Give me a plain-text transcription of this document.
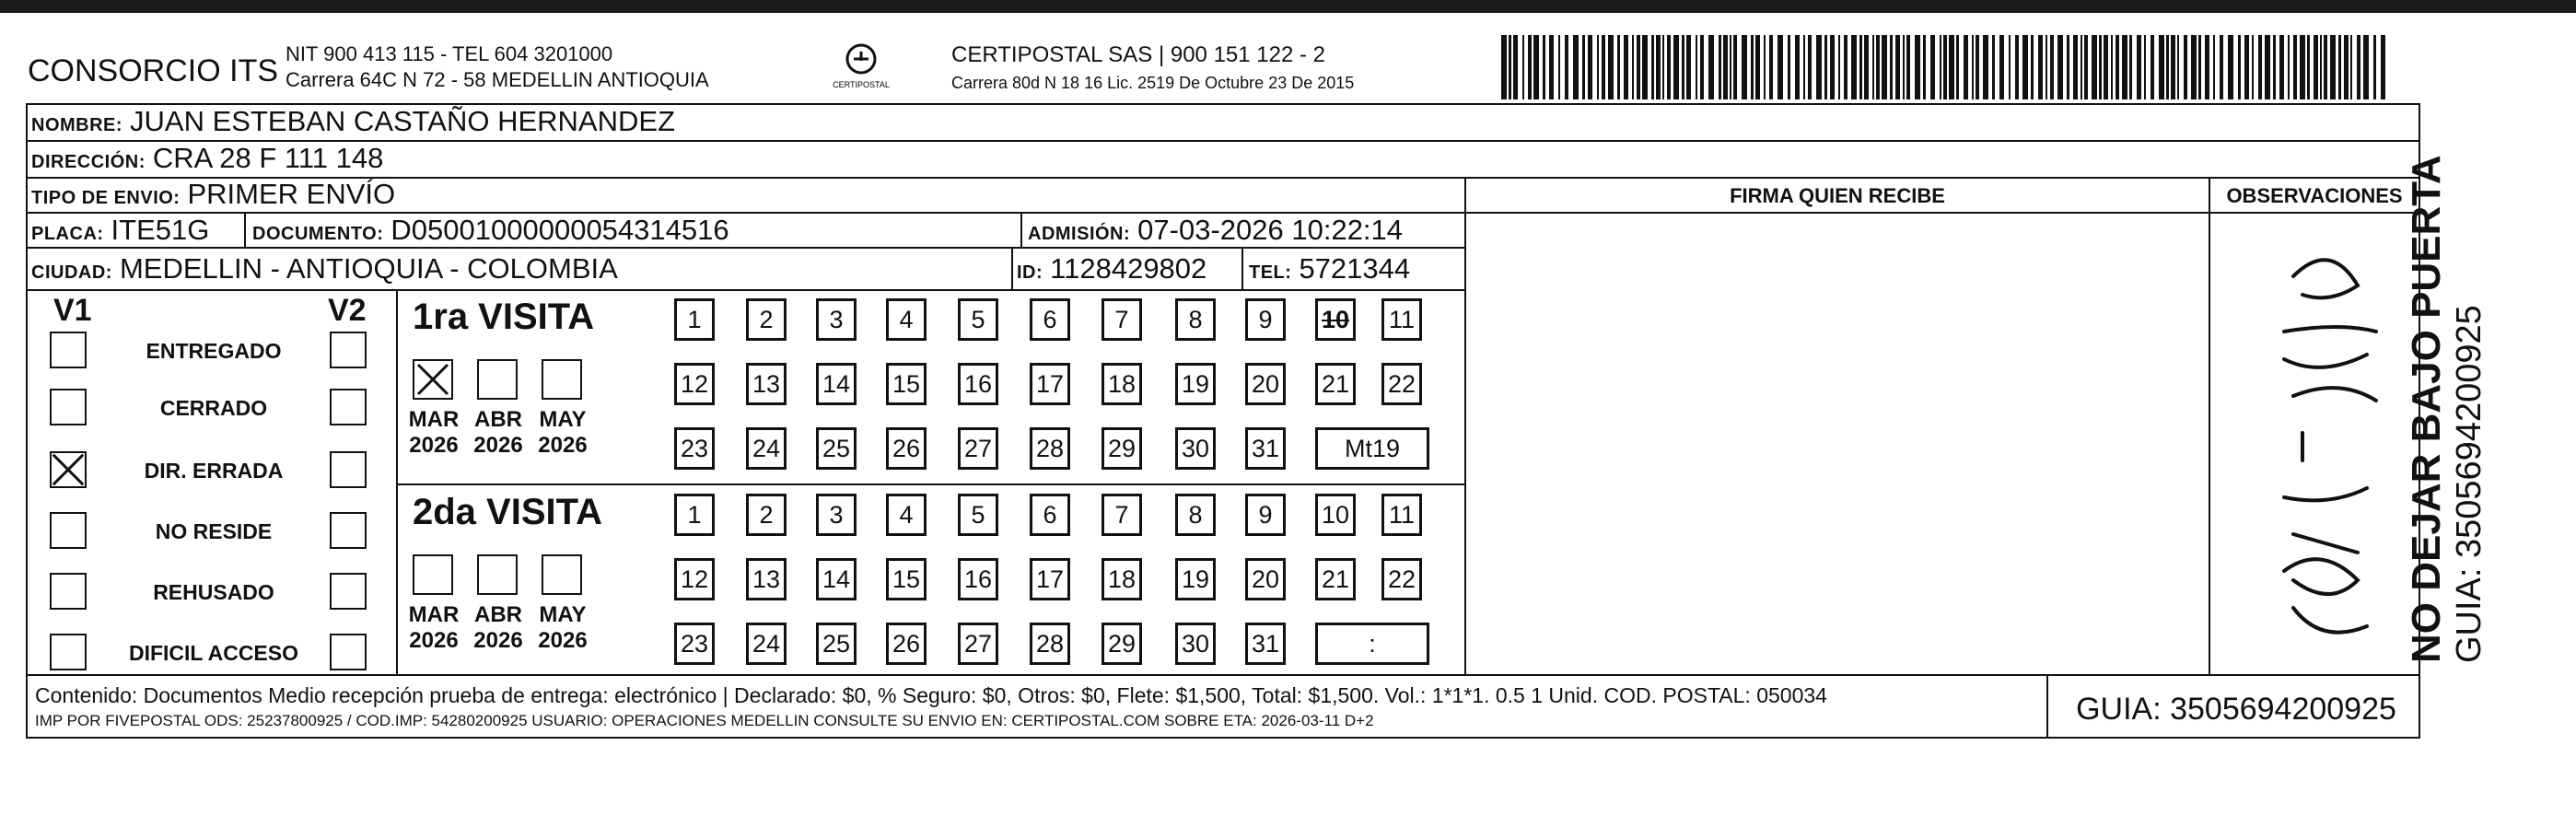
CONSORCIO ITS NIT 900 413 115 - TEL 604 3201000
Carrera 64C N 72 - 58 MEDELLIN ANTIOQUIA	CERTIPOSTAL
CERTIPOSTAL SAS | 900 151 122 - 2
Carrera 80d N 18 16 Lic. 2519 De Octubre 23 De 2015
NOMBRE: JUAN ESTEBAN CASTAÑO HERNANDEZ
DIRECCIÓN: CRA 28 F 111 148
TIPO DE ENVIO: PRIMER ENVÍO	FIRMA QUIEN RECIBE	OBSERVACIONES
PLACA: ITE51G DOCUMENTO: D05001000000054314516	ADMISIÓN: 07-03-2026 10:22:14
CIUDAD: MEDELLIN - ANTIOQUIA - COLOMBIA	ID: 1128429802 TEL: 5721344
V1	V2
ENTREGADO
CERRADO
DIR. ERRADA
NO RESIDE
REHUSADO
DIFICIL ACCESO
1ra VISITA
MAR
2026
ABR
2026
MAY
2026
1	2	3	4	5	6	7	8	9	10 11
12 13 14 15 16 17 18 19 20 21 22
23 24 25 26 27 28 29 30 31	Mt19
2da VISITA
MAR
2026
ABR
2026
MAY
2026
1	2	3	4	5	6	7	8	9	10 11
12 13 14 15 16 17 18 19 20 21 22
23 24 25 26 27 28 29 30 31	:
Pdta interior
Contenido: Documentos Medio recepción prueba de entrega: electrónico | Declarado: $0, % Seguro: $0, Otros: $0, Flete: $1,500, Total: $1,500. Vol.: 1*1*1. 0.5 1 Unid. COD. POSTAL: 050034
IMP POR FIVEPOSTAL ODS: 25237800925 / COD.IMP: 54280200925 USUARIO: OPERACIONES MEDELLIN CONSULTE SU ENVIO EN: CERTIPOSTAL.COM SOBRE ETA: 2026-03-11 D+2	GUIA: 3505694200925
NO DEJAR BAJO PUERTA GUIA: 3505694200925
